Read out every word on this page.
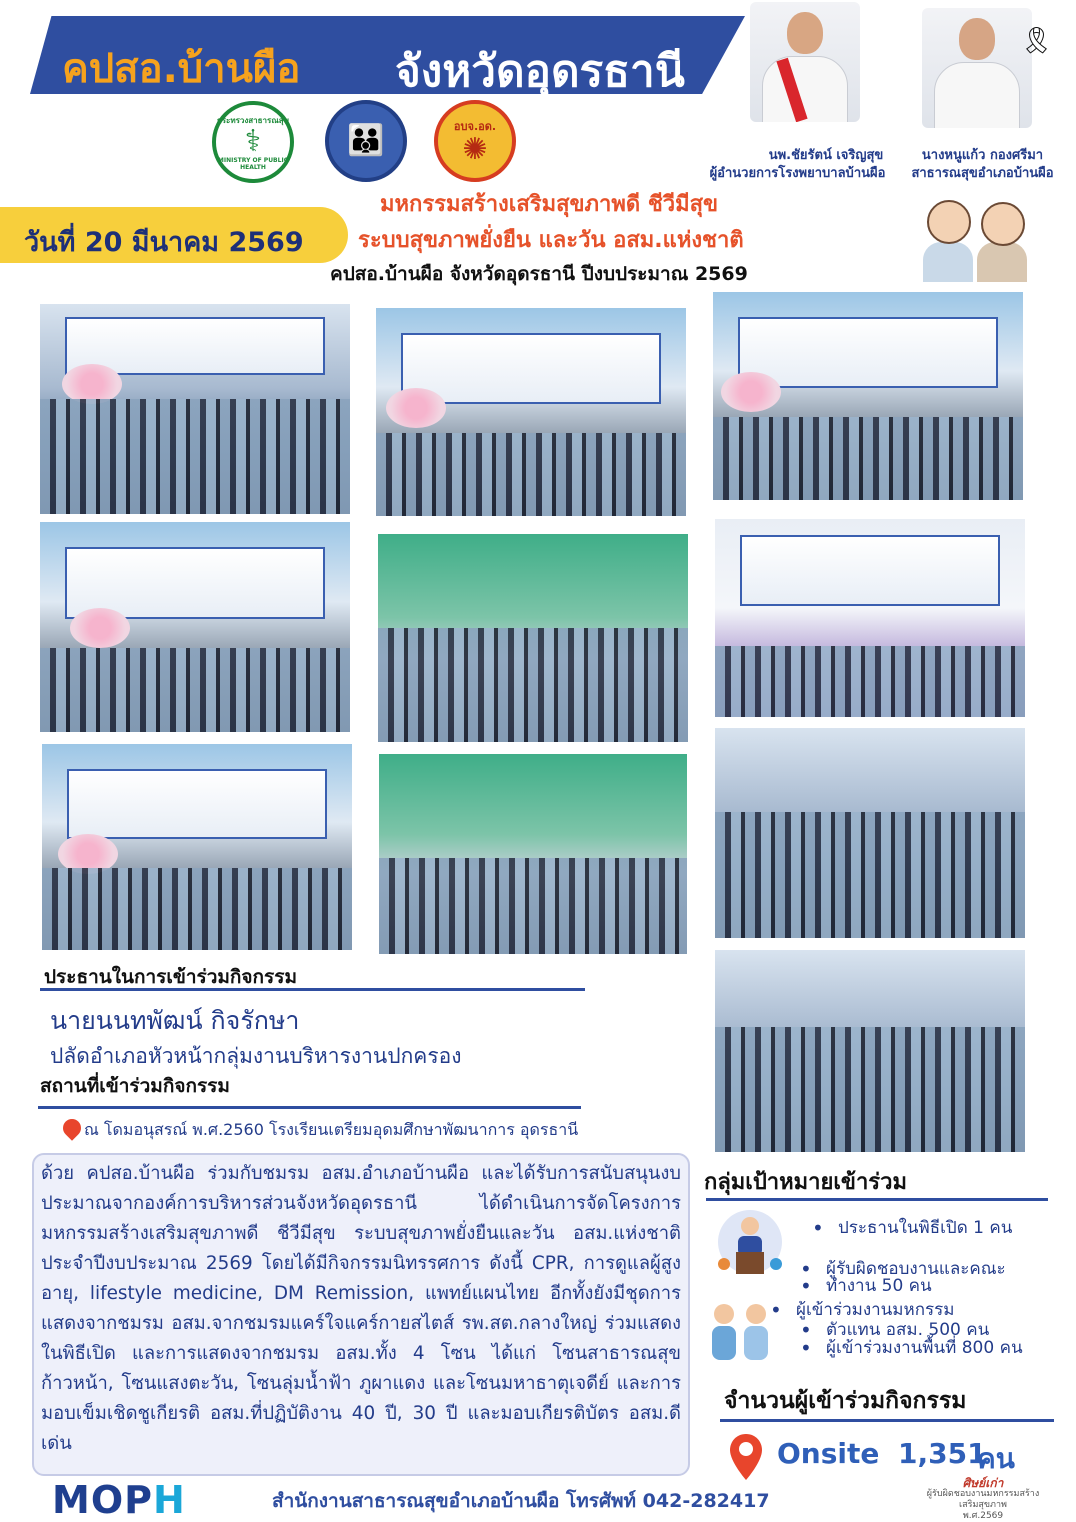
คปสอ.บ้านผือ จังหวัดอุดรธานี
กระทรวงสาธารณสุข
⚕
MINISTRY OF PUBLIC HEALTH
👪	อบจ.อด.
✺
🎗
นพ.ชัยรัตน์ เจริญสุข
ผู้อำนวยการโรงพยาบาลบ้านผือ
นางหนูแก้ว กองศรีมา
สาธารณสุขอำเภอบ้านผือ
วันที่ 20 มีนาคม 2569
มหกรรมสร้างเสริมสุขภาพดี ชีวีมีสุข
ระบบสุขภาพยั่งยืน และวัน อสม.แห่งชาติ
คปสอ.บ้านผือ จังหวัดอุดรธานี ปีงบประมาณ 2569
ประธานในการเข้าร่วมกิจกรรม
นายนนทพัฒน์ กิจรักษา
ปลัดอำเภอหัวหน้ากลุ่มงานบริหารงานปกครอง
สถานที่เข้าร่วมกิจกรรม
ณ โดมอนุสรณ์ พ.ศ.2560 โรงเรียนเตรียมอุดมศึกษาพัฒนาการ อุดรธานี
ด้วย คปสอ.บ้านผือ ร่วมกับชมรม อสม.อำเภอบ้านผือ และได้รับการสนับสนุนงบประมาณจากองค์การบริหารส่วนจังหวัดอุดรธานี ได้ดำเนินการจัดโครงการ มหกรรมสร้างเสริมสุขภาพดี ชีวีมีสุข ระบบสุขภาพยั่งยืนและวัน อสม.แห่งชาติ ประจำปีงบประมาณ 2569 โดยได้มีกิจกรรมนิทรรศการ ดังนี้ CPR, การดูแลผู้สูงอายุ, lifestyle medicine, DM Remission, แพทย์แผนไทย อีกทั้งยังมีชุดการแสดงจากชมรม อสม.จากชมรมแคร์ใจแคร์กายสไตส์ รพ.สต.กลางใหญ่ ร่วมแสดงในพิธีเปิด และการแสดงจากชมรม อสม.ทั้ง 4 โซน ได้แก่ โซนสาธารณสุขก้าวหน้า, โซนแสงตะวัน, โซนลุ่มน้ำฟ้า ภูผาแดง และโซนมหาธาตุเจดีย์ และการมอบเข็มเชิดชูเกียรติ อสม.ที่ปฏิบัติงาน 40 ปี, 30 ปี และมอบเกียรติบัตร อสม.ดีเด่น
กลุ่มเป้าหมายเข้าร่วม
• ประธานในพิธีเปิด 1 คน
• ผู้รับผิดชอบงานและคณะ
• ทำงาน 50 คน
• ผู้เข้าร่วมงานมหกรรม
• ตัวแทน อสม. 500 คน
• ผู้เข้าร่วมงานพื้นที่ 800 คน
จำนวนผู้เข้าร่วมกิจกรรม
Onsite 1,351
คน
ศิษย์เก่า
ผู้รับผิดชอบงานมหกรรมสร้างเสริมสุขภาพ
พ.ศ.2569
MOPH	สำนักงานสาธารณสุขอำเภอบ้านผือ โทรศัพท์ 042-282417
